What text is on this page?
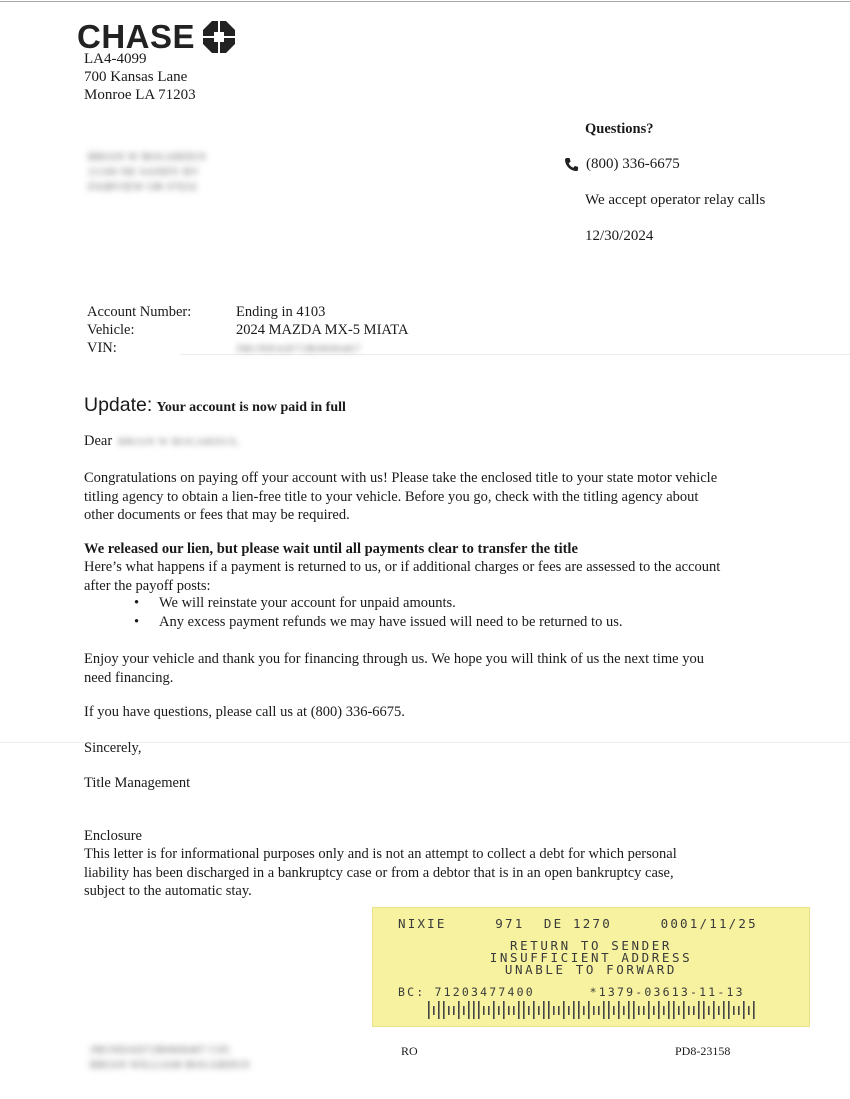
CHASE
LA4-4099
700 Kansas Lane
Monroe LA 71203
Questions?
(800) 336-6675
We accept operator relay calls
12/30/2024
BRIAN W BOGARDUS
21100 NE SANDY BV
FAIRVIEW OR 97024
Account Number:	Ending in 4103
Vehicle:	2024 MAZDA MX-5 MIATA
VIN:	JM1NDAD72R0606467
Update: Your account is now paid in full
Dear BRIAN W BOGARDUS,
Congratulations on paying off your account with us! Please take the enclosed title to your state motor vehicle titling agency to obtain a lien-free title to your vehicle. Before you go, check with the titling agency about other documents or fees that may be required.
We released our lien, but please wait until all payments clear to transfer the title
Here’s what happens if a payment is returned to us, or if additional charges or fees are assessed to the account after the payoff posts:
•	We will reinstate your account for unpaid amounts.
•	Any excess payment refunds we may have issued will need to be returned to us.
Enjoy your vehicle and thank you for financing through us. We hope you will think of us the next time you need financing.
If you have questions, please call us at (800) 336-6675.
Sincerely,
Title Management
Enclosure
This letter is for informational purposes only and is not an attempt to collect a debt for which personal liability has been discharged in a bankruptcy case or from a debtor that is in an open bankruptcy case, subject to the automatic stay.
NIXIE     971  DE 1270     0001/11/25
RETURN TO SENDER
INSUFFICIENT ADDRESS
UNABLE TO FORWARD
BC: 71203477400      *1379-03613-11-13
JM1NDAD72R0606467 C05
BRIAN WILLIAM BOGARDUS
RO	PD8-23158
